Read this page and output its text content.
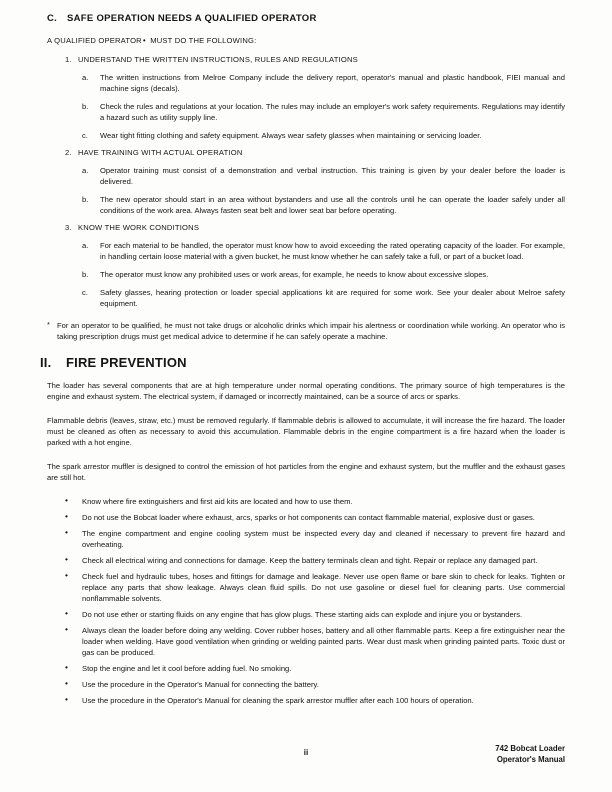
C. SAFE OPERATION NEEDS A QUALIFIED OPERATOR
A QUALIFIED OPERATOR• MUST DO THE FOLLOWING:
1. UNDERSTAND THE WRITTEN INSTRUCTIONS, RULES AND REGULATIONS
a. The written instructions from Melroe Company include the delivery report, operator's manual and plastic handbook, FIEI manual and machine signs (decals).
b. Check the rules and regulations at your location. The rules may include an employer's work safety requirements. Regulations may identify a hazard such as utility supply line.
c. Wear tight fitting clothing and safety equipment. Always wear safety glasses when maintaining or servicing loader.
2. HAVE TRAINING WITH ACTUAL OPERATION
a. Operator training must consist of a demonstration and verbal instruction. This training is given by your dealer before the loader is delivered.
b. The new operator should start in an area without bystanders and use all the controls until he can operate the loader safely under all conditions of the work area. Always fasten seat belt and lower seat bar before operating.
3. KNOW THE WORK CONDITIONS
a. For each material to be handled, the operator must know how to avoid exceeding the rated operating capacity of the loader. For example, in handling certain loose material with a given bucket, he must know whether he can safely take a full, or part of a bucket load.
b. The operator must know any prohibited uses or work areas, for example, he needs to know about excessive slopes.
c. Safety glasses, hearing protection or loader special applications kit are required for some work. See your dealer about Melroe safety equipment.
* For an operator to be qualified, he must not take drugs or alcoholic drinks which impair his alertness or coordination while working. An operator who is taking prescription drugs must get medical advice to determine if he can safely operate a machine.
II. FIRE PREVENTION
The loader has several components that are at high temperature under normal operating conditions. The primary source of high temperatures is the engine and exhaust system. The electrical system, if damaged or incorrectly maintained, can be a source of arcs or sparks.
Flammable debris (leaves, straw, etc.) must be removed regularly. If flammable debris is allowed to accumulate, it will increase the fire hazard. The loader must be cleaned as often as necessary to avoid this accumulation. Flammable debris in the engine compartment is a fire hazard when the loader is parked with a hot engine.
The spark arrestor muffler is designed to control the emission of hot particles from the engine and exhaust system, but the muffler and the exhaust gases are still hot.
• Know where fire extinguishers and first aid kits are located and how to use them.
• Do not use the Bobcat loader where exhaust, arcs, sparks or hot components can contact flammable material, explosive dust or gases.
• The engine compartment and engine cooling system must be inspected every day and cleaned if necessary to prevent fire hazard and overheating.
• Check all electrical wiring and connections for damage. Keep the battery terminals clean and tight. Repair or replace any damaged part.
• Check fuel and hydraulic tubes, hoses and fittings for damage and leakage. Never use open flame or bare skin to check for leaks. Tighten or replace any parts that show leakage. Always clean fluid spills. Do not use gasoline or diesel fuel for cleaning parts. Use commercial nonflammable solvents.
• Do not use ether or starting fluids on any engine that has glow plugs. These starting aids can explode and injure you or bystanders.
• Always clean the loader before doing any welding. Cover rubber hoses, battery and all other flammable parts. Keep a fire extinguisher near the loader when welding. Have good ventilation when grinding or welding painted parts. Wear dust mask when grinding painted parts. Toxic dust or gas can be produced.
• Stop the engine and let it cool before adding fuel. No smoking.
• Use the procedure in the Operator's Manual for connecting the battery.
• Use the procedure in the Operator's Manual for cleaning the spark arrestor muffler after each 100 hours of operation.
ii	742 Bobcat Loader
Operator's Manual
